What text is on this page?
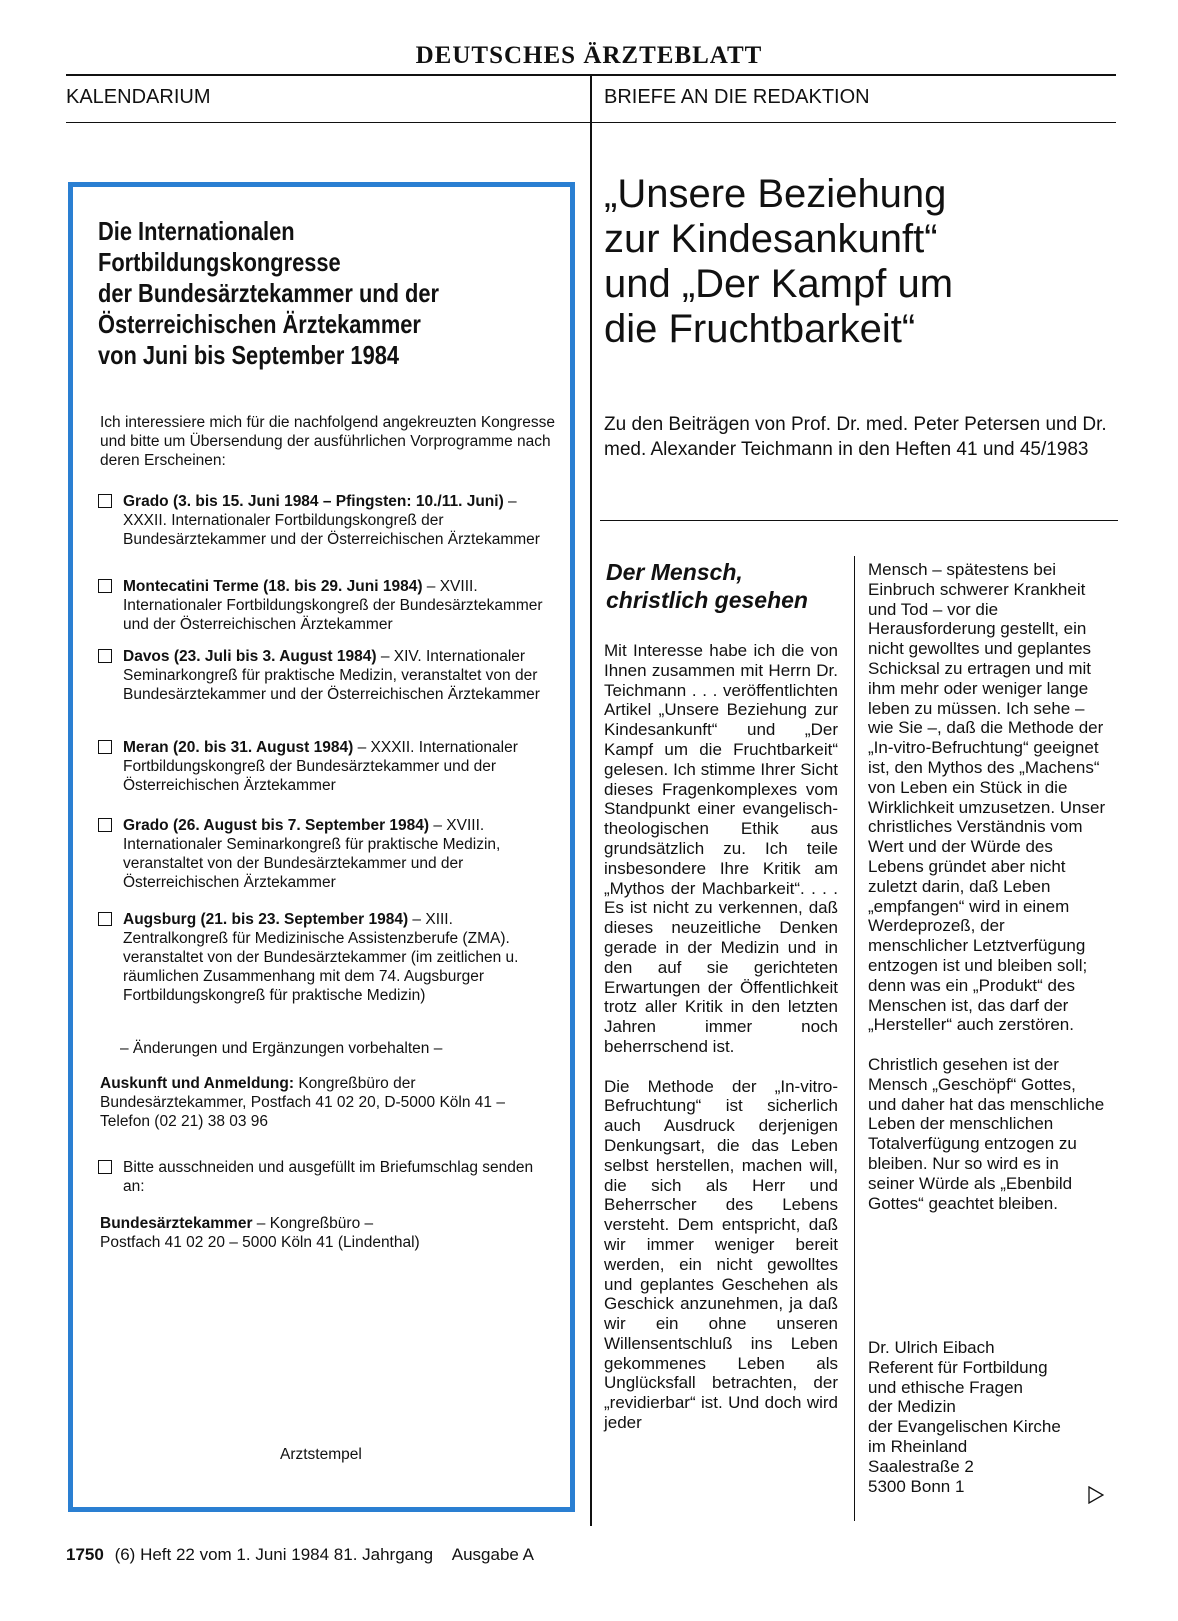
DEUTSCHES ÄRZTEBLATT
KALENDARIUM	BRIEFE AN DIE REDAKTION
Die Internationalen
Fortbildungskongresse
der Bundesärztekammer und der
Österreichischen Ärztekammer
von Juni bis September 1984
Ich interessiere mich für die nachfolgend angekreuzten Kongresse und bitte um Übersendung der ausführlichen Vorprogramme nach deren Erscheinen:
Grado (3. bis 15. Juni 1984 – Pfingsten: 10./11. Juni) – XXXII. Internationaler Fortbildungskongreß der Bundesärztekammer und der Österreichischen Ärztekammer
Montecatini Terme (18. bis 29. Juni 1984) – XVIII. Internationaler Fortbildungskongreß der Bundesärztekammer und der Österreichischen Ärztekammer
Davos (23. Juli bis 3. August 1984) – XIV. Internationaler Seminarkongreß für praktische Medizin, veranstaltet von der Bundesärztekammer und der Österreichischen Ärztekammer
Meran (20. bis 31. August 1984) – XXXII. Internationaler Fortbildungskongreß der Bundesärztekammer und der Österreichischen Ärztekammer
Grado (26. August bis 7. September 1984) – XVIII. Internationaler Seminarkongreß für praktische Medizin, veranstaltet von der Bundesärztekammer und der Österreichischen Ärztekammer
Augsburg (21. bis 23. September 1984) – XIII. Zentralkongreß für Medizinische Assistenzberufe (ZMA). veranstaltet von der Bundesärztekammer (im zeitlichen u. räumlichen Zusammenhang mit dem 74. Augsburger Fortbildungskongreß für praktische Medizin)
– Änderungen und Ergänzungen vorbehalten –
Auskunft und Anmeldung: Kongreßbüro der Bundesärztekammer, Postfach 41 02 20, D-5000 Köln 41 – Telefon (02 21) 38 03 96
Bitte ausschneiden und ausgefüllt im Briefumschlag senden an:
Bundesärztekammer – Kongreßbüro –
Postfach 41 02 20 – 5000 Köln 41 (Lindenthal)
Arztstempel
„Unsere Beziehung
zur Kindesankunft“
und „Der Kampf um
die Fruchtbarkeit“
Zu den Beiträgen von Prof. Dr. med. Peter Petersen und Dr. med. Alexander Teichmann in den Heften 41 und 45/1983
Der Mensch,
christlich gesehen
Mit Interesse habe ich die von Ihnen zusammen mit Herrn Dr. Teichmann . . . veröffentlichten Artikel „Unsere Beziehung zur Kindesankunft“ und „Der Kampf um die Fruchtbarkeit“ gelesen. Ich stimme Ihrer Sicht dieses Fragenkomplexes vom Standpunkt einer evangelisch-theologischen Ethik aus grundsätzlich zu. Ich teile insbesondere Ihre Kritik am „Mythos der Machbarkeit“. . . . Es ist nicht zu verkennen, daß dieses neuzeitliche Denken gerade in der Medizin und in den auf sie gerichteten Erwartungen der Öffentlichkeit trotz aller Kritik in den letzten Jahren immer noch beherrschend ist.

Die Methode der „In-vitro-Befruchtung“ ist sicherlich auch Ausdruck derjenigen Denkungsart, die das Leben selbst herstellen, machen will, die sich als Herr und Beherrscher des Lebens versteht. Dem entspricht, daß wir immer weniger bereit werden, ein nicht gewolltes und geplantes Geschehen als Geschick anzunehmen, ja daß wir ein ohne unseren Willensentschluß ins Leben gekommenes Leben als Unglücksfall betrachten, der „revidierbar“ ist. Und doch wird jeder
Mensch – spätestens bei Einbruch schwerer Krankheit und Tod – vor die Herausforderung gestellt, ein nicht gewolltes und geplantes Schicksal zu ertragen und mit ihm mehr oder weniger lange leben zu müssen. Ich sehe – wie Sie –, daß die Methode der „In-vitro-Befruchtung“ geeignet ist, den Mythos des „Machens“ von Leben ein Stück in die Wirklichkeit umzusetzen. Unser christliches Verständnis vom Wert und der Würde des Lebens gründet aber nicht zuletzt darin, daß Leben „empfangen“ wird in einem Werdeprozeß, der menschlicher Letztverfügung entzogen ist und bleiben soll; denn was ein „Produkt“ des Menschen ist, das darf der „Hersteller“ auch zerstören.

Christlich gesehen ist der Mensch „Geschöpf“ Gottes, und daher hat das menschliche Leben der menschlichen Totalverfügung entzogen zu bleiben. Nur so wird es in seiner Würde als „Ebenbild Gottes“ geachtet bleiben.
Dr. Ulrich Eibach
Referent für Fortbildung
und ethische Fragen
der Medizin
der Evangelischen Kirche
im Rheinland
Saalestraße 2
5300 Bonn 1
1750 (6) Heft 22 vom 1. Juni 1984 81. Jahrgang Ausgabe A
